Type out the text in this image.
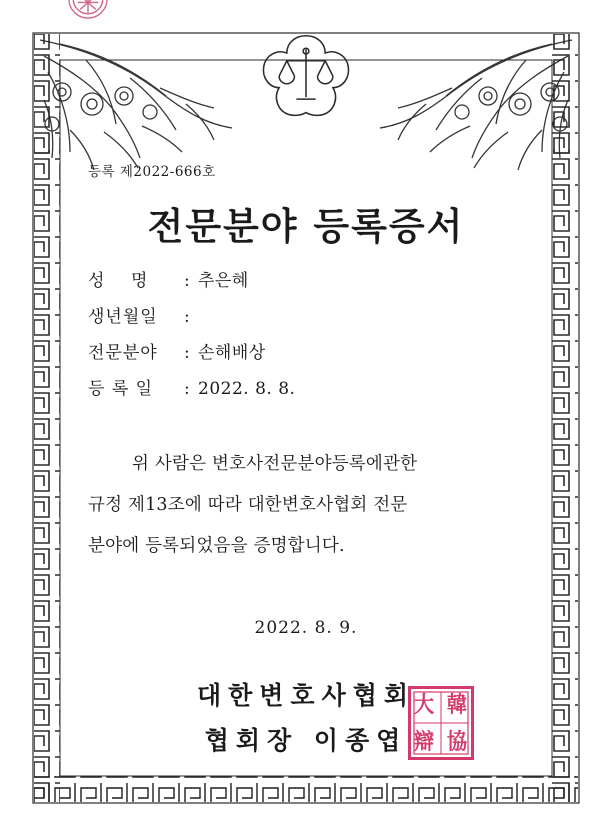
등록 제2022-666호
전문분야 등록증서
성    명	: 추은혜
생년월일	:
전문분야	: 손해배상
등 록 일	: 2022. 8. 8.
위 사람은 변호사전문분야등록에관한
규정 제13조에 따라 대한변호사협회 전문
분야에 등록되었음을 증명합니다.
2022. 8. 9.
대한변호사협회
협회장 이종엽
大 韓
辯 協
